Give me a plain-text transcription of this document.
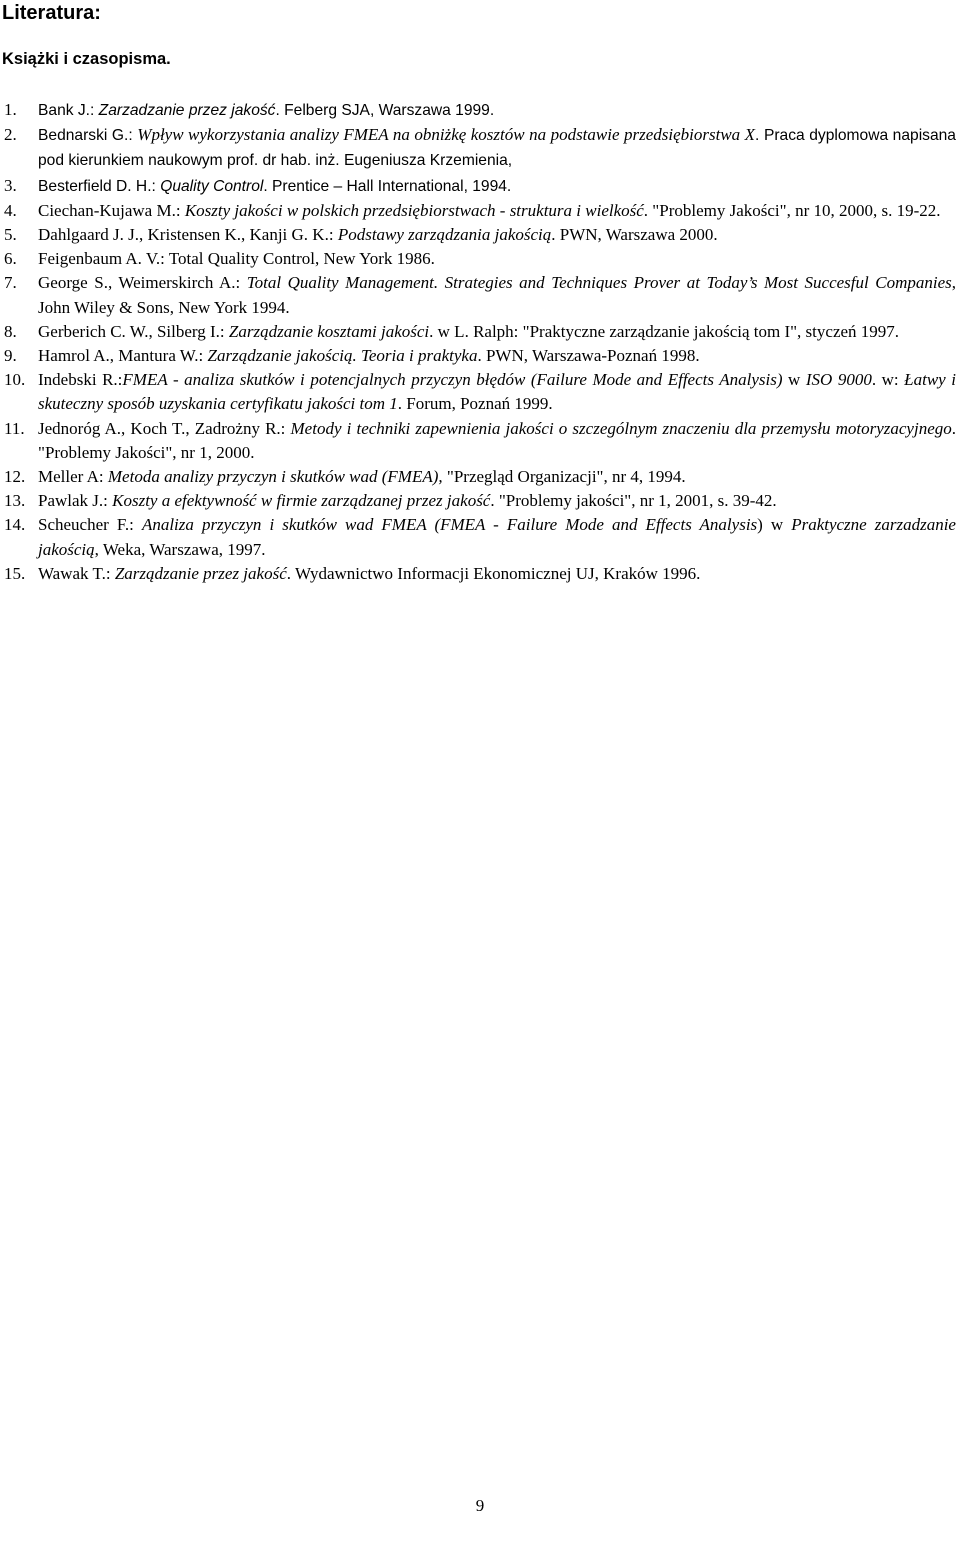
Literatura:
Książki i czasopisma.
1. Bank J.: Zarzadzanie przez jakość. Felberg SJA, Warszawa 1999.
2. Bednarski G.: Wpływ wykorzystania analizy FMEA na obniżkę kosztów na podstawie przedsiębiorstwa X. Praca dyplomowa napisana pod kierunkiem naukowym prof. dr hab. inż. Eugeniusza Krzemienia,
3. Besterfield D. H.: Quality Control. Prentice – Hall International, 1994.
4. Ciechan-Kujawa M.: Koszty jakości w polskich przedsiębiorstwach - struktura i wielkość. "Problemy Jakości", nr 10, 2000, s. 19-22.
5. Dahlgaard J. J., Kristensen K., Kanji G. K.: Podstawy zarządzania jakością. PWN, Warszawa 2000.
6. Feigenbaum A. V.: Total Quality Control, New York 1986.
7. George S., Weimerskirch A.: Total Quality Management. Strategies and Techniques Prover at Today’s Most Succesful Companies, John Wiley & Sons, New York 1994.
8. Gerberich C. W., Silberg I.: Zarządzanie kosztami jakości. w L. Ralph: "Praktyczne zarządzanie jakością tom I", styczeń 1997.
9. Hamrol A., Mantura W.: Zarządzanie jakością. Teoria i praktyka. PWN, Warszawa-Poznań 1998.
10. Indebski R.:FMEA - analiza skutków i potencjalnych przyczyn błędów (Failure Mode and Effects Analysis) w ISO 9000. w: Łatwy i skuteczny sposób uzyskania certyfikatu jakości tom 1. Forum, Poznań 1999.
11. Jednoróg A., Koch T., Zadrożny R.: Metody i techniki zapewnienia jakości o szczególnym znaczeniu dla przemysłu motoryzacyjnego. "Problemy Jakości", nr 1, 2000.
12. Meller A: Metoda analizy przyczyn i skutków wad (FMEA), "Przegląd Organizacji", nr 4, 1994.
13. Pawlak J.: Koszty a efektywność w firmie zarządzanej przez jakość. "Problemy jakości", nr 1, 2001, s. 39-42.
14. Scheucher F.: Analiza przyczyn i skutków wad FMEA (FMEA - Failure Mode and Effects Analysis) w Praktyczne zarzadzanie jakością, Weka, Warszawa, 1997.
15. Wawak T.: Zarządzanie przez jakość. Wydawnictwo Informacji Ekonomicznej UJ, Kraków 1996.
9
